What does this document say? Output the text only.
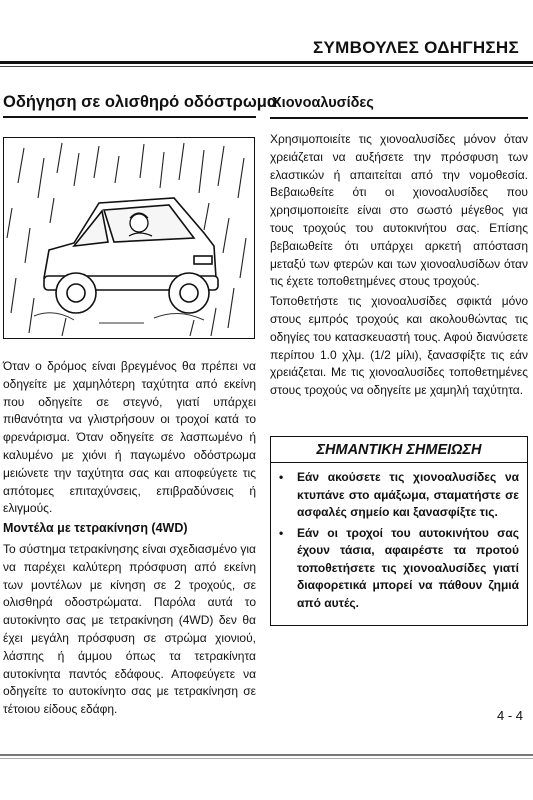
ΣΥΜΒΟΥΛΕΣ ΟΔΗΓΗΣΗΣ
Οδήγηση σε ολισθηρό οδόστρωμα
Όταν ο δρόμος είναι βρεγμένος θα πρέπει να οδηγείτε με χαμηλότερη ταχύτητα από εκείνη που οδηγείτε σε στεγνό, γιατί υπάρχει πιθανότητα να γλιστρήσουν οι τροχοί κατά το φρενάρισμα. Όταν οδηγείτε σε λασπωμένο ή καλυμένο με χιόνι ή παγωμένο οδόστρωμα μειώνετε την ταχύτητα σας και αποφεύγετε τις απότομες επιταχύνσεις, επιβραδύνσεις ή ελιγμούς.
Μοντέλα με τετρακίνηση (4WD)
Το σύστημα τετρακίνησης είναι σχεδιασμένο για να παρέχει καλύτερη πρόσφυση από εκείνη των μοντέλων με κίνηση σε 2 τροχούς, σε ολισθηρά οδοστρώματα. Παρόλα αυτά το αυτοκίνητο σας με τετρακίνηση (4WD) δεν θα έχει μεγάλη πρόσφυση σε στρώμα χιονιού, λάσπης ή άμμου όπως τα τετρακίνητα αυτοκίνητα παντός εδάφους. Αποφεύγετε να οδηγείτε το αυτοκίνητο σας με τετρακίνηση σε τέτοιου είδους εδάφη.
Χιονοαλυσίδες
Χρησιμοποιείτε τις χιονοαλυσίδες μόνον όταν χρειάζεται να αυξήσετε την πρόσφυση των ελαστικών ή απαιτείται από την νομοθεσία. Βεβαιωθείτε ότι οι χιονοαλυσίδες που χρησιμοποιείτε είναι στο σωστό μέγεθος για τους τροχούς του αυτοκινήτου σας. Επίσης βεβαιωθείτε ότι υπάρχει αρκετή απόσταση μεταξύ των φτερών και των χιονοαλυσίδων όταν τις έχετε τοποθετημένες στους τροχούς.
Τοποθετήστε τις χιονοαλυσίδες σφικτά μόνο στους εμπρός τροχούς και ακολουθώντας τις οδηγίες του κατασκευαστή τους. Αφού διανύσετε περίπου 1.0 χλμ. (1/2 μίλι), ξανασφίξτε τις εάν χρειάζεται. Με τις χιονοαλυσίδες τοποθετημένες στους τροχούς να οδηγείτε με χαμηλή ταχύτητα.
ΣΗΜΑΝΤΙΚΗ ΣΗΜΕΙΩΣΗ
• Εάν ακούσετε τις χιονοαλυσίδες να κτυπάνε στο αμάξωμα, σταματήστε σε ασφαλές σημείο και ξανασφίξτε τις.
• Εάν οι τροχοί του αυτοκινήτου σας έχουν τάσια, αφαιρέστε τα προτού τοποθετήσετε τις χιονοαλυσίδες γιατί διαφορετικά μπορεί να πάθουν ζημιά από αυτές.
4 - 4
